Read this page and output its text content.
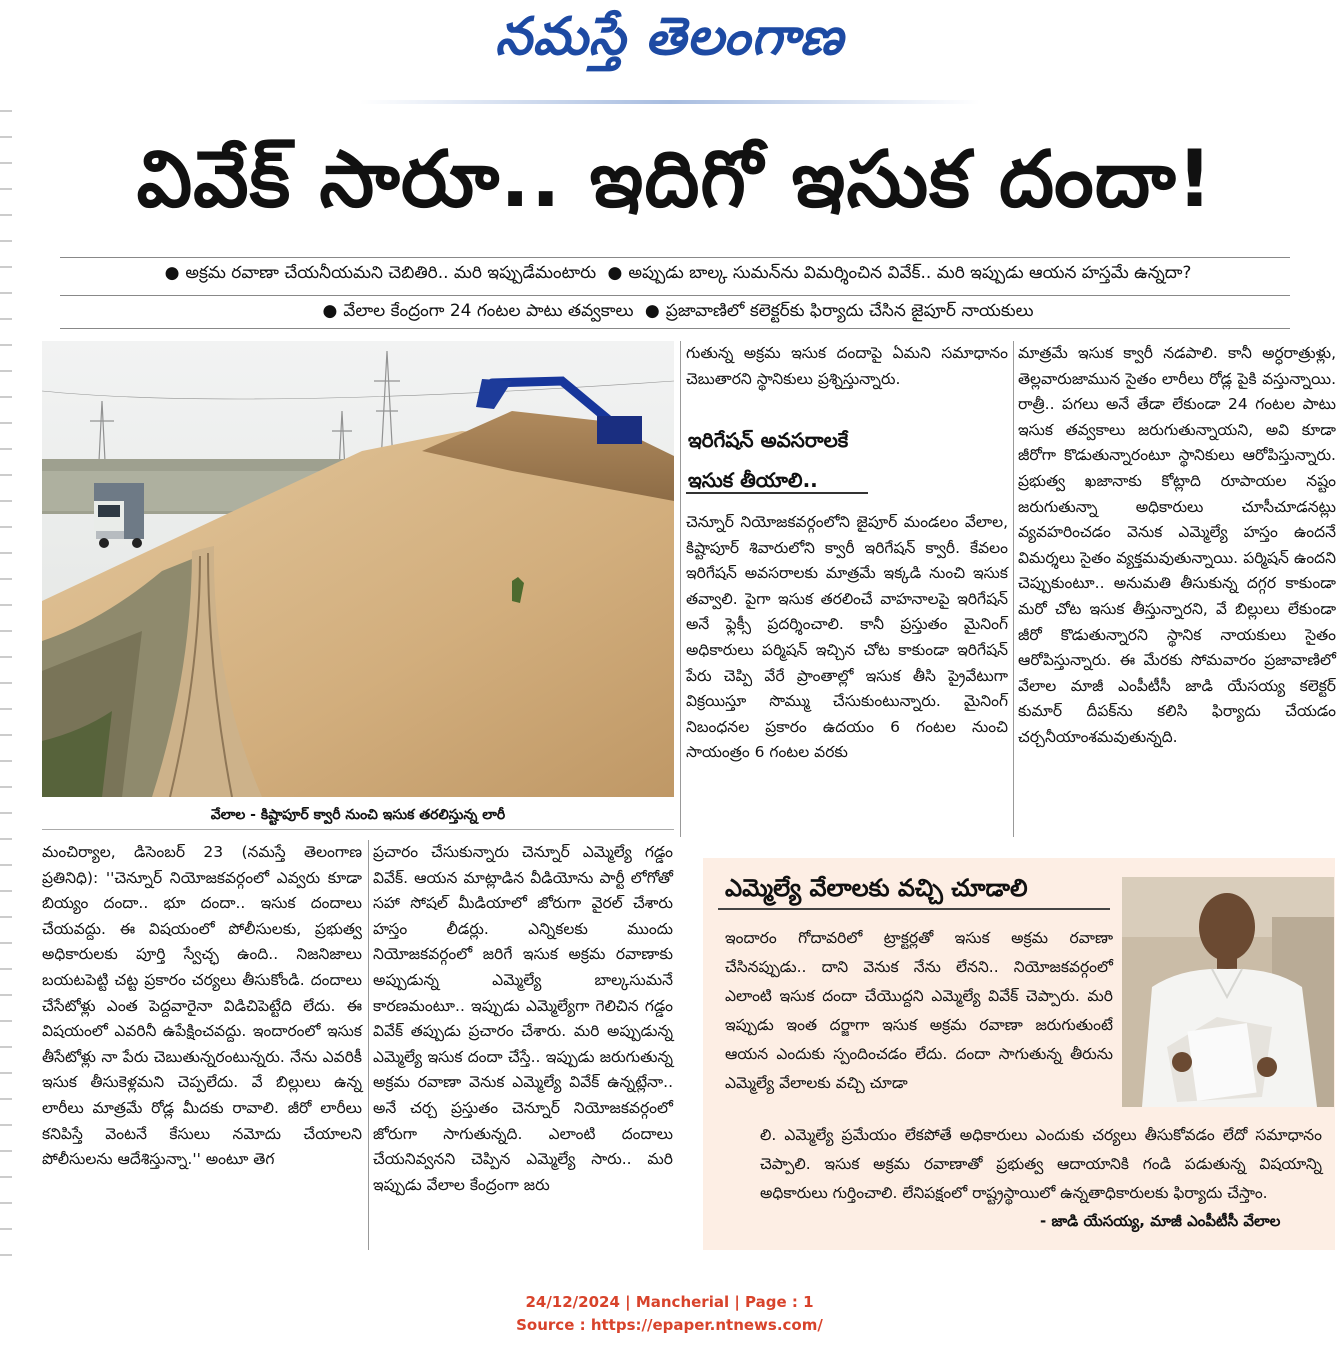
నమస్తే తెలంగాణ
వివేక్ సారూ.. ఇదిగో ఇసుక దందా!
● అక్రమ రవాణా చేయనీయమని చెబితిరి.. మరి ఇప్పుడేమంటారు ● అప్పుడు బాల్క సుమన్‌ను విమర్శించిన వివేక్.. మరి ఇప్పుడు ఆయన హస్తమే ఉన్నదా?
● వేలాల కేంద్రంగా 24 గంటల పాటు తవ్వకాలు ● ప్రజావాణిలో కలెక్టర్‌కు ఫిర్యాదు చేసిన జైపూర్ నాయకులు
వేలాల - కిష్టాపూర్ క్వారీ నుంచి ఇసుక తరలిస్తున్న లారీ

మంచిర్యాల, డిసెంబర్ 23 (నమస్తే తెలంగాణ ప్రతినిధి): ''చెన్నూర్ నియోజకవర్గంలో ఎవ్వరు కూడా బియ్యం దందా.. భూ దందా.. ఇసుక దందాలు చేయవద్దు. ఈ విషయంలో పోలీసులకు, ప్రభుత్వ అధికారులకు పూర్తి స్వేచ్ఛ ఉంది.. నిజనిజాలు బయటపెట్టి చట్ట ప్రకారం చర్యలు తీసుకోండి. దందాలు చేసేటోళ్లు ఎంత పెద్దవారైనా విడిచిపెట్టేది లేదు. ఈ విషయంలో ఎవరినీ ఉపేక్షించవద్దు. ఇందారంలో ఇసుక తీసేటోళ్లు నా పేరు చెబుతున్నరంటున్నరు. నేను ఎవరికీ ఇసుక తీసుకెళ్లమని చెప్పలేదు. వే బిల్లులు ఉన్న లారీలు మాత్రమే రోడ్ల మీదకు రావాలి. జీరో లారీలు కనిపిస్తే వెంటనే కేసులు నమోదు చేయాలని పోలీసులను ఆదేశిస్తున్నా.'' అంటూ తెగ

ప్రచారం చేసుకున్నారు చెన్నూర్ ఎమ్మెల్యే గడ్డం వివేక్. ఆయన మాట్లాడిన వీడియోను పార్టీ లోగోతో సహా సోషల్ మీడియాలో జోరుగా వైరల్ చేశారు హస్తం లీడర్లు. ఎన్నికలకు ముందు నియోజకవర్గంలో జరిగే ఇసుక అక్రమ రవాణాకు అప్పుడున్న ఎమ్మెల్యే బాల్కసుమనే కారణమంటూ.. ఇప్పుడు ఎమ్మెల్యేగా గెలిచిన గడ్డం వివేక్ తప్పుడు ప్రచారం చేశారు. మరి అప్పుడున్న ఎమ్మెల్యే ఇసుక దందా చేస్తే.. ఇప్పుడు జరుగుతున్న అక్రమ రవాణా వెనుక ఎమ్మెల్యే వివేక్ ఉన్నట్లేనా.. అనే చర్చ ప్రస్తుతం చెన్నూర్ నియోజకవర్గంలో జోరుగా సాగుతున్నది. ఎలాంటి దందాలు చేయనివ్వనని చెప్పిన ఎమ్మెల్యే సారు.. మరి ఇప్పుడు వేలాల కేంద్రంగా జరు

గుతున్న అక్రమ ఇసుక దందాపై ఏమని సమాధానం చెబుతారని స్థానికులు ప్రశ్నిస్తున్నారు.

ఇరిగేషన్ అవసరాలకే
ఇసుక తీయాలి..

చెన్నూర్ నియోజకవర్గంలోని జైపూర్ మండలం వేలాల, కిష్టాపూర్ శివారులోని క్వారీ ఇరిగేషన్ క్వారీ. కేవలం ఇరిగేషన్ అవసరాలకు మాత్రమే ఇక్కడి నుంచి ఇసుక తవ్వాలి. పైగా ఇసుక తరలించే వాహనాలపై ఇరిగేషన్ అనే ఫ్లెక్సీ ప్రదర్శించాలి. కానీ ప్రస్తుతం మైనింగ్ అధికారులు పర్మిషన్ ఇచ్చిన చోట కాకుండా ఇరిగేషన్ పేరు చెప్పి వేరే ప్రాంతాల్లో ఇసుక తీసి ప్రైవేటుగా విక్రయిస్తూ సొమ్ము చేసుకుంటున్నారు. మైనింగ్ నిబంధనల ప్రకారం ఉదయం 6 గంటల నుంచి సాయంత్రం 6 గంటల వరకు

మాత్రమే ఇసుక క్వారీ నడపాలి. కానీ అర్ధరాత్రుళ్లు, తెల్లవారుజామున సైతం లారీలు రోడ్ల పైకి వస్తున్నాయి. రాత్రీ.. పగలు అనే తేడా లేకుండా 24 గంటల పాటు ఇసుక తవ్వకాలు జరుగుతున్నాయని, అవి కూడా జీరోగా కొడుతున్నారంటూ స్థానికులు ఆరోపిస్తున్నారు. ప్రభుత్వ ఖజానాకు కోట్లాది రూపాయల నష్టం జరుగుతున్నా అధికారులు చూసీచూడనట్లు వ్యవహరించడం వెనుక ఎమ్మెల్యే హస్తం ఉందనే విమర్శలు సైతం వ్యక్తమవుతున్నాయి. పర్మిషన్ ఉందని చెప్పుకుంటూ.. అనుమతి తీసుకున్న దగ్గర కాకుండా మరో చోట ఇసుక తీస్తున్నారని, వే బిల్లులు లేకుండా జీరో కొడుతున్నారని స్థానిక నాయకులు సైతం ఆరోపిస్తున్నారు. ఈ మేరకు సోమవారం ప్రజావాణిలో వేలాల మాజీ ఎంపీటీసీ జాడి యేసయ్య కలెక్టర్ కుమార్ దీపక్‌ను కలిసి ఫిర్యాదు చేయడం చర్చనీయాంశమవుతున్నది.

ఎమ్మెల్యే వేలాలకు వచ్చి చూడాలి

ఇందారం గోదావరిలో ట్రాక్టర్లతో ఇసుక అక్రమ రవాణా చేసినప్పుడు.. దాని వెనుక నేను లేనని.. నియోజకవర్గంలో ఎలాంటి ఇసుక దందా చేయొద్దని ఎమ్మెల్యే వివేక్ చెప్పారు. మరి ఇప్పుడు ఇంత దర్జాగా ఇసుక అక్రమ రవాణా జరుగుతుంటే ఆయన ఎందుకు స్పందించడం లేదు. దందా సాగుతున్న తీరును ఎమ్మెల్యే వేలాలకు వచ్చి చూడా

లి. ఎమ్మెల్యే ప్రమేయం లేకపోతే అధికారులు ఎందుకు చర్యలు తీసుకోవడం లేదో సమాధానం చెప్పాలి. ఇసుక అక్రమ రవాణాతో ప్రభుత్వ ఆదాయానికి గండి పడుతున్న విషయాన్ని అధికారులు గుర్తించాలి. లేనిపక్షంలో రాష్ట్రస్థాయిలో ఉన్నతాధికారులకు ఫిర్యాదు చేస్తాం.

- జాడి యేసయ్య, మాజీ ఎంపీటీసీ వేలాల
24/12/2024 | Mancherial | Page : 1
Source : https://epaper.ntnews.com/
